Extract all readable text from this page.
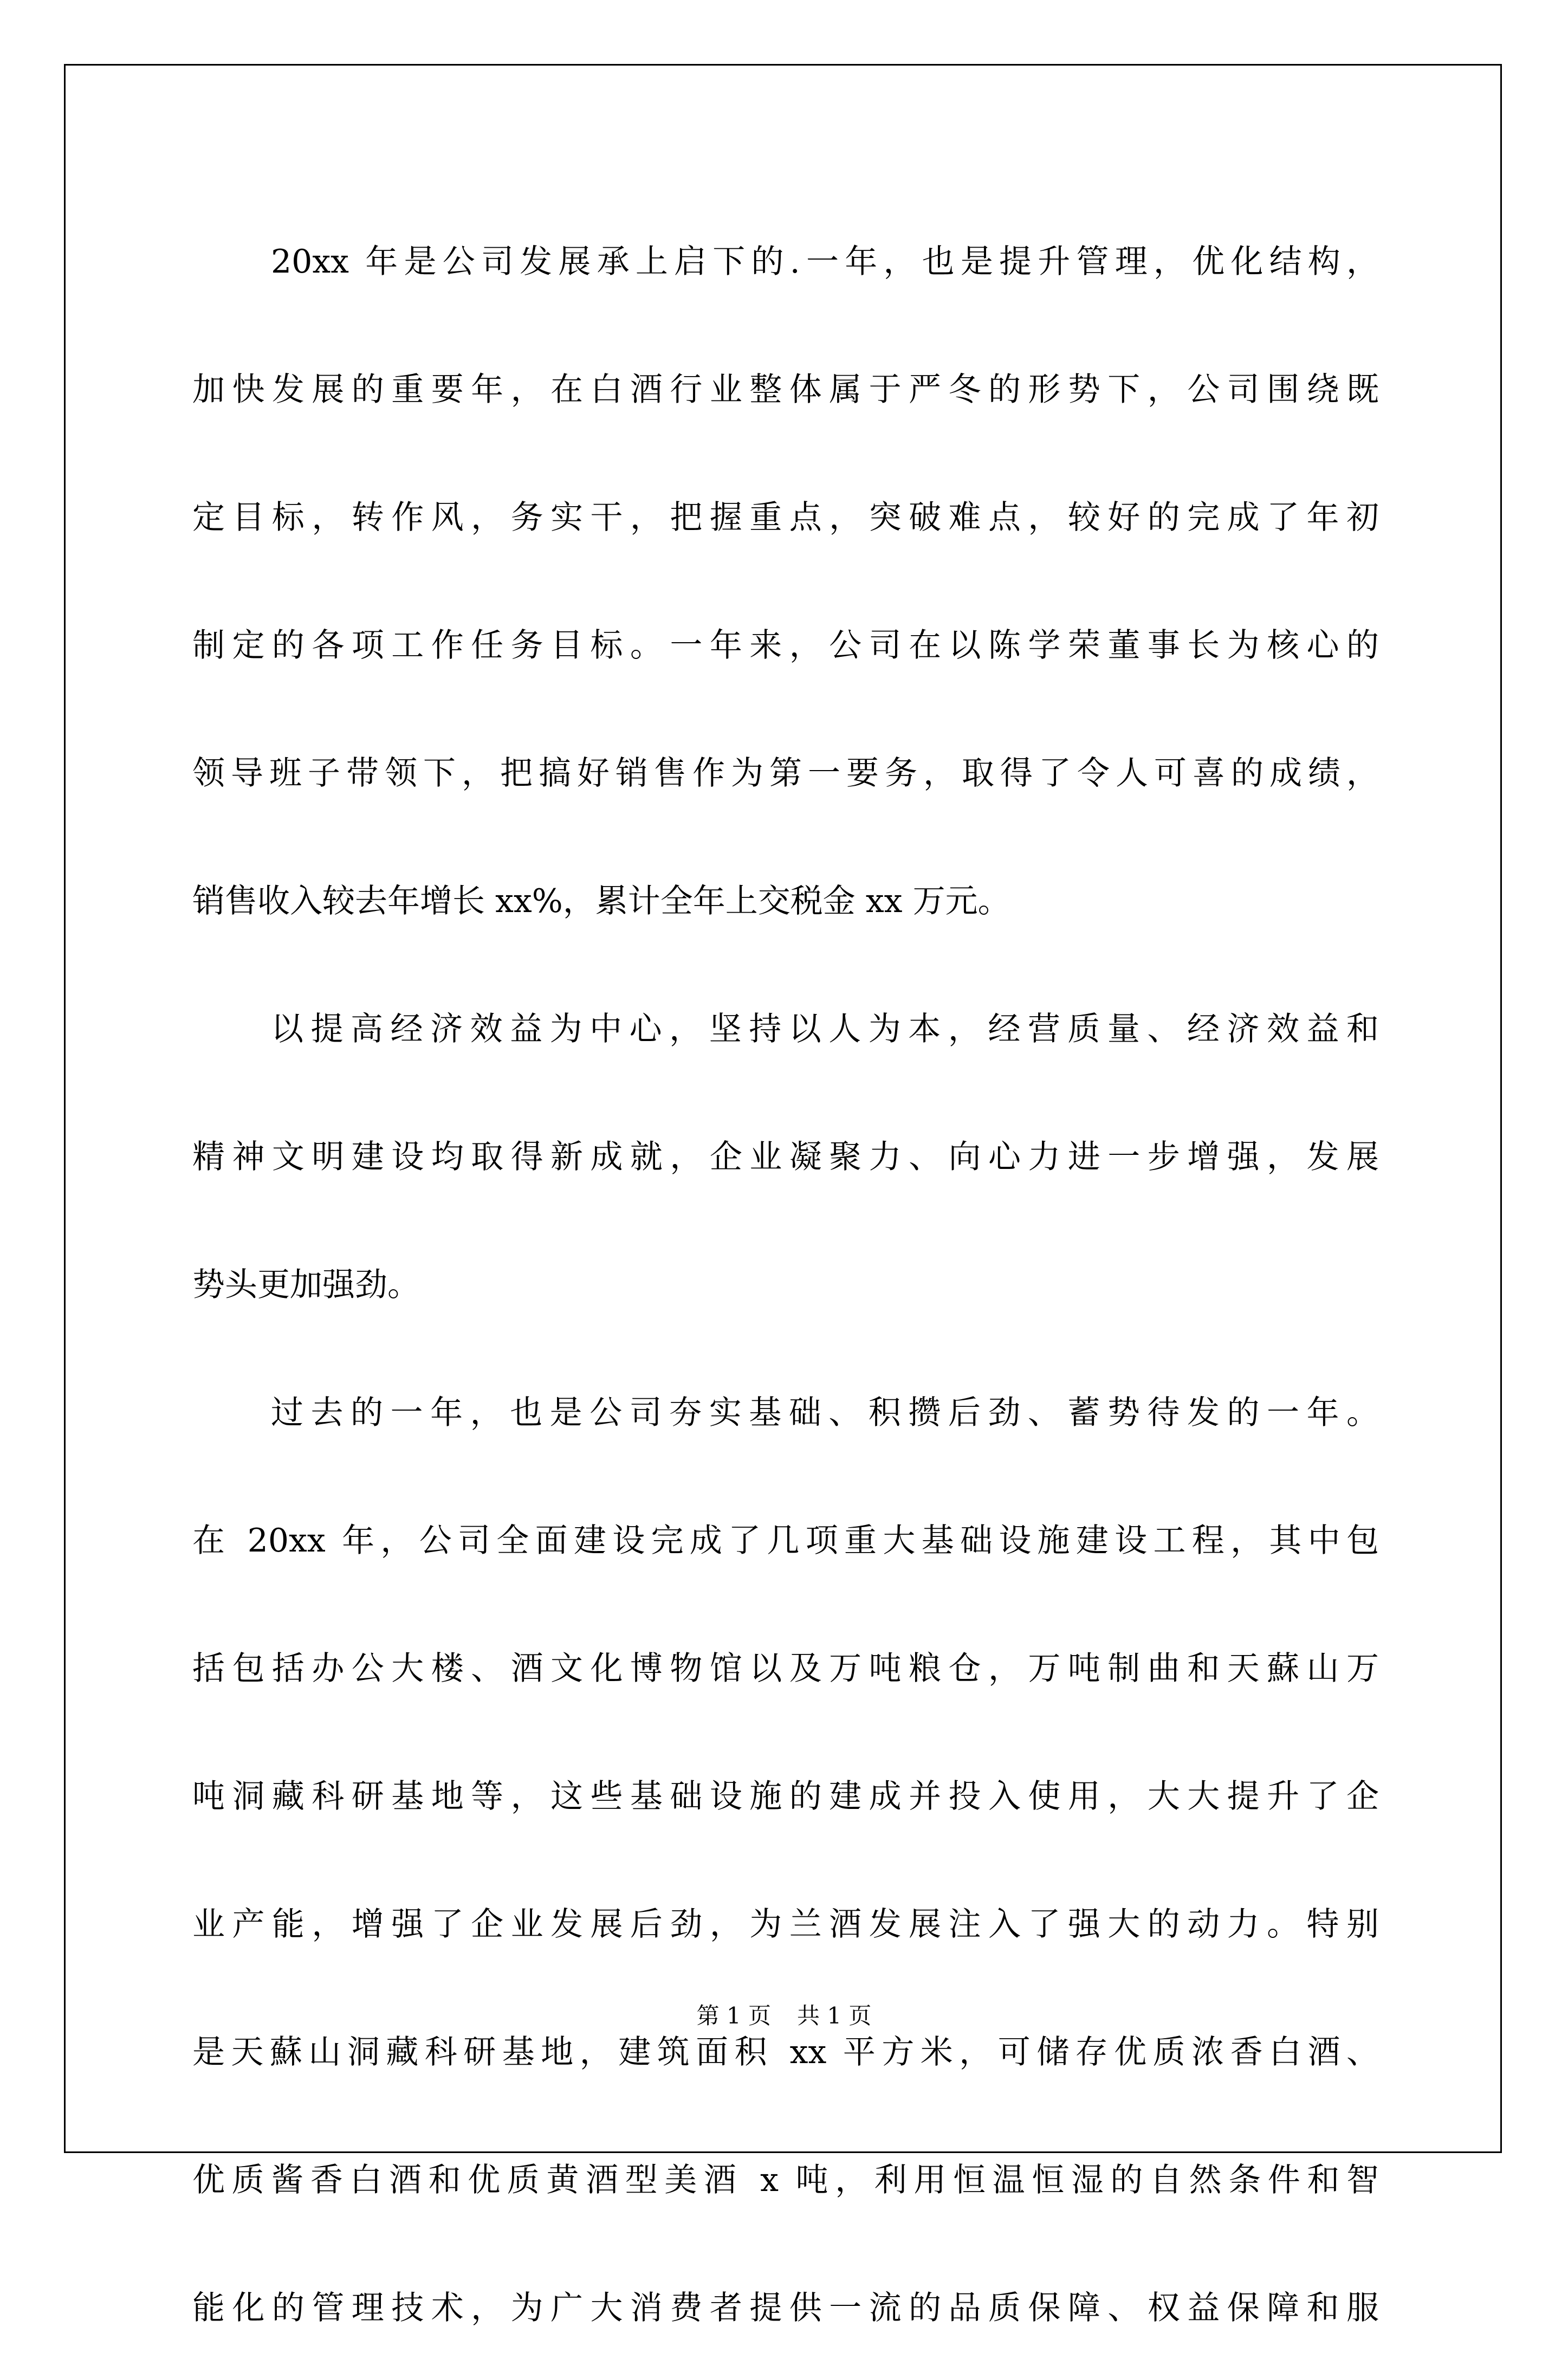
20xx 年是公司发展承上启下的.一年，也是提升管理，优化结构，
加快发展的重要年，在白酒行业整体属于严冬的形势下，公司围绕既
定目标，转作风，务实干，把握重点，突破难点，较好的完成了年初
制定的各项工作任务目标。一年来，公司在以陈学荣董事长为核心的
领导班子带领下，把搞好销售作为第一要务，取得了令人可喜的成绩，
销售收入较去年增长 xx%，累计全年上交税金 xx 万元。
以提高经济效益为中心，坚持以人为本，经营质量、经济效益和
精神文明建设均取得新成就，企业凝聚力、向心力进一步增强，发展
势头更加强劲。
过去的一年，也是公司夯实基础、积攒后劲、蓄势待发的一年。
在 20xx 年，公司全面建设完成了几项重大基础设施建设工程，其中包
括包括办公大楼、酒文化博物馆以及万吨粮仓，万吨制曲和天蘇山万
吨洞藏科研基地等，这些基础设施的建成并投入使用，大大提升了企
业产能，增强了企业发展后劲，为兰酒发展注入了强大的动力。特别
是天蘇山洞藏科研基地，建筑面积 xx 平方米，可储存优质浓香白酒、
优质酱香白酒和优质黄酒型美酒 x 吨，利用恒温恒湿的自然条件和智
能化的管理技术，为广大消费者提供一流的品质保障、权益保障和服
第 1 页 共 1 页
